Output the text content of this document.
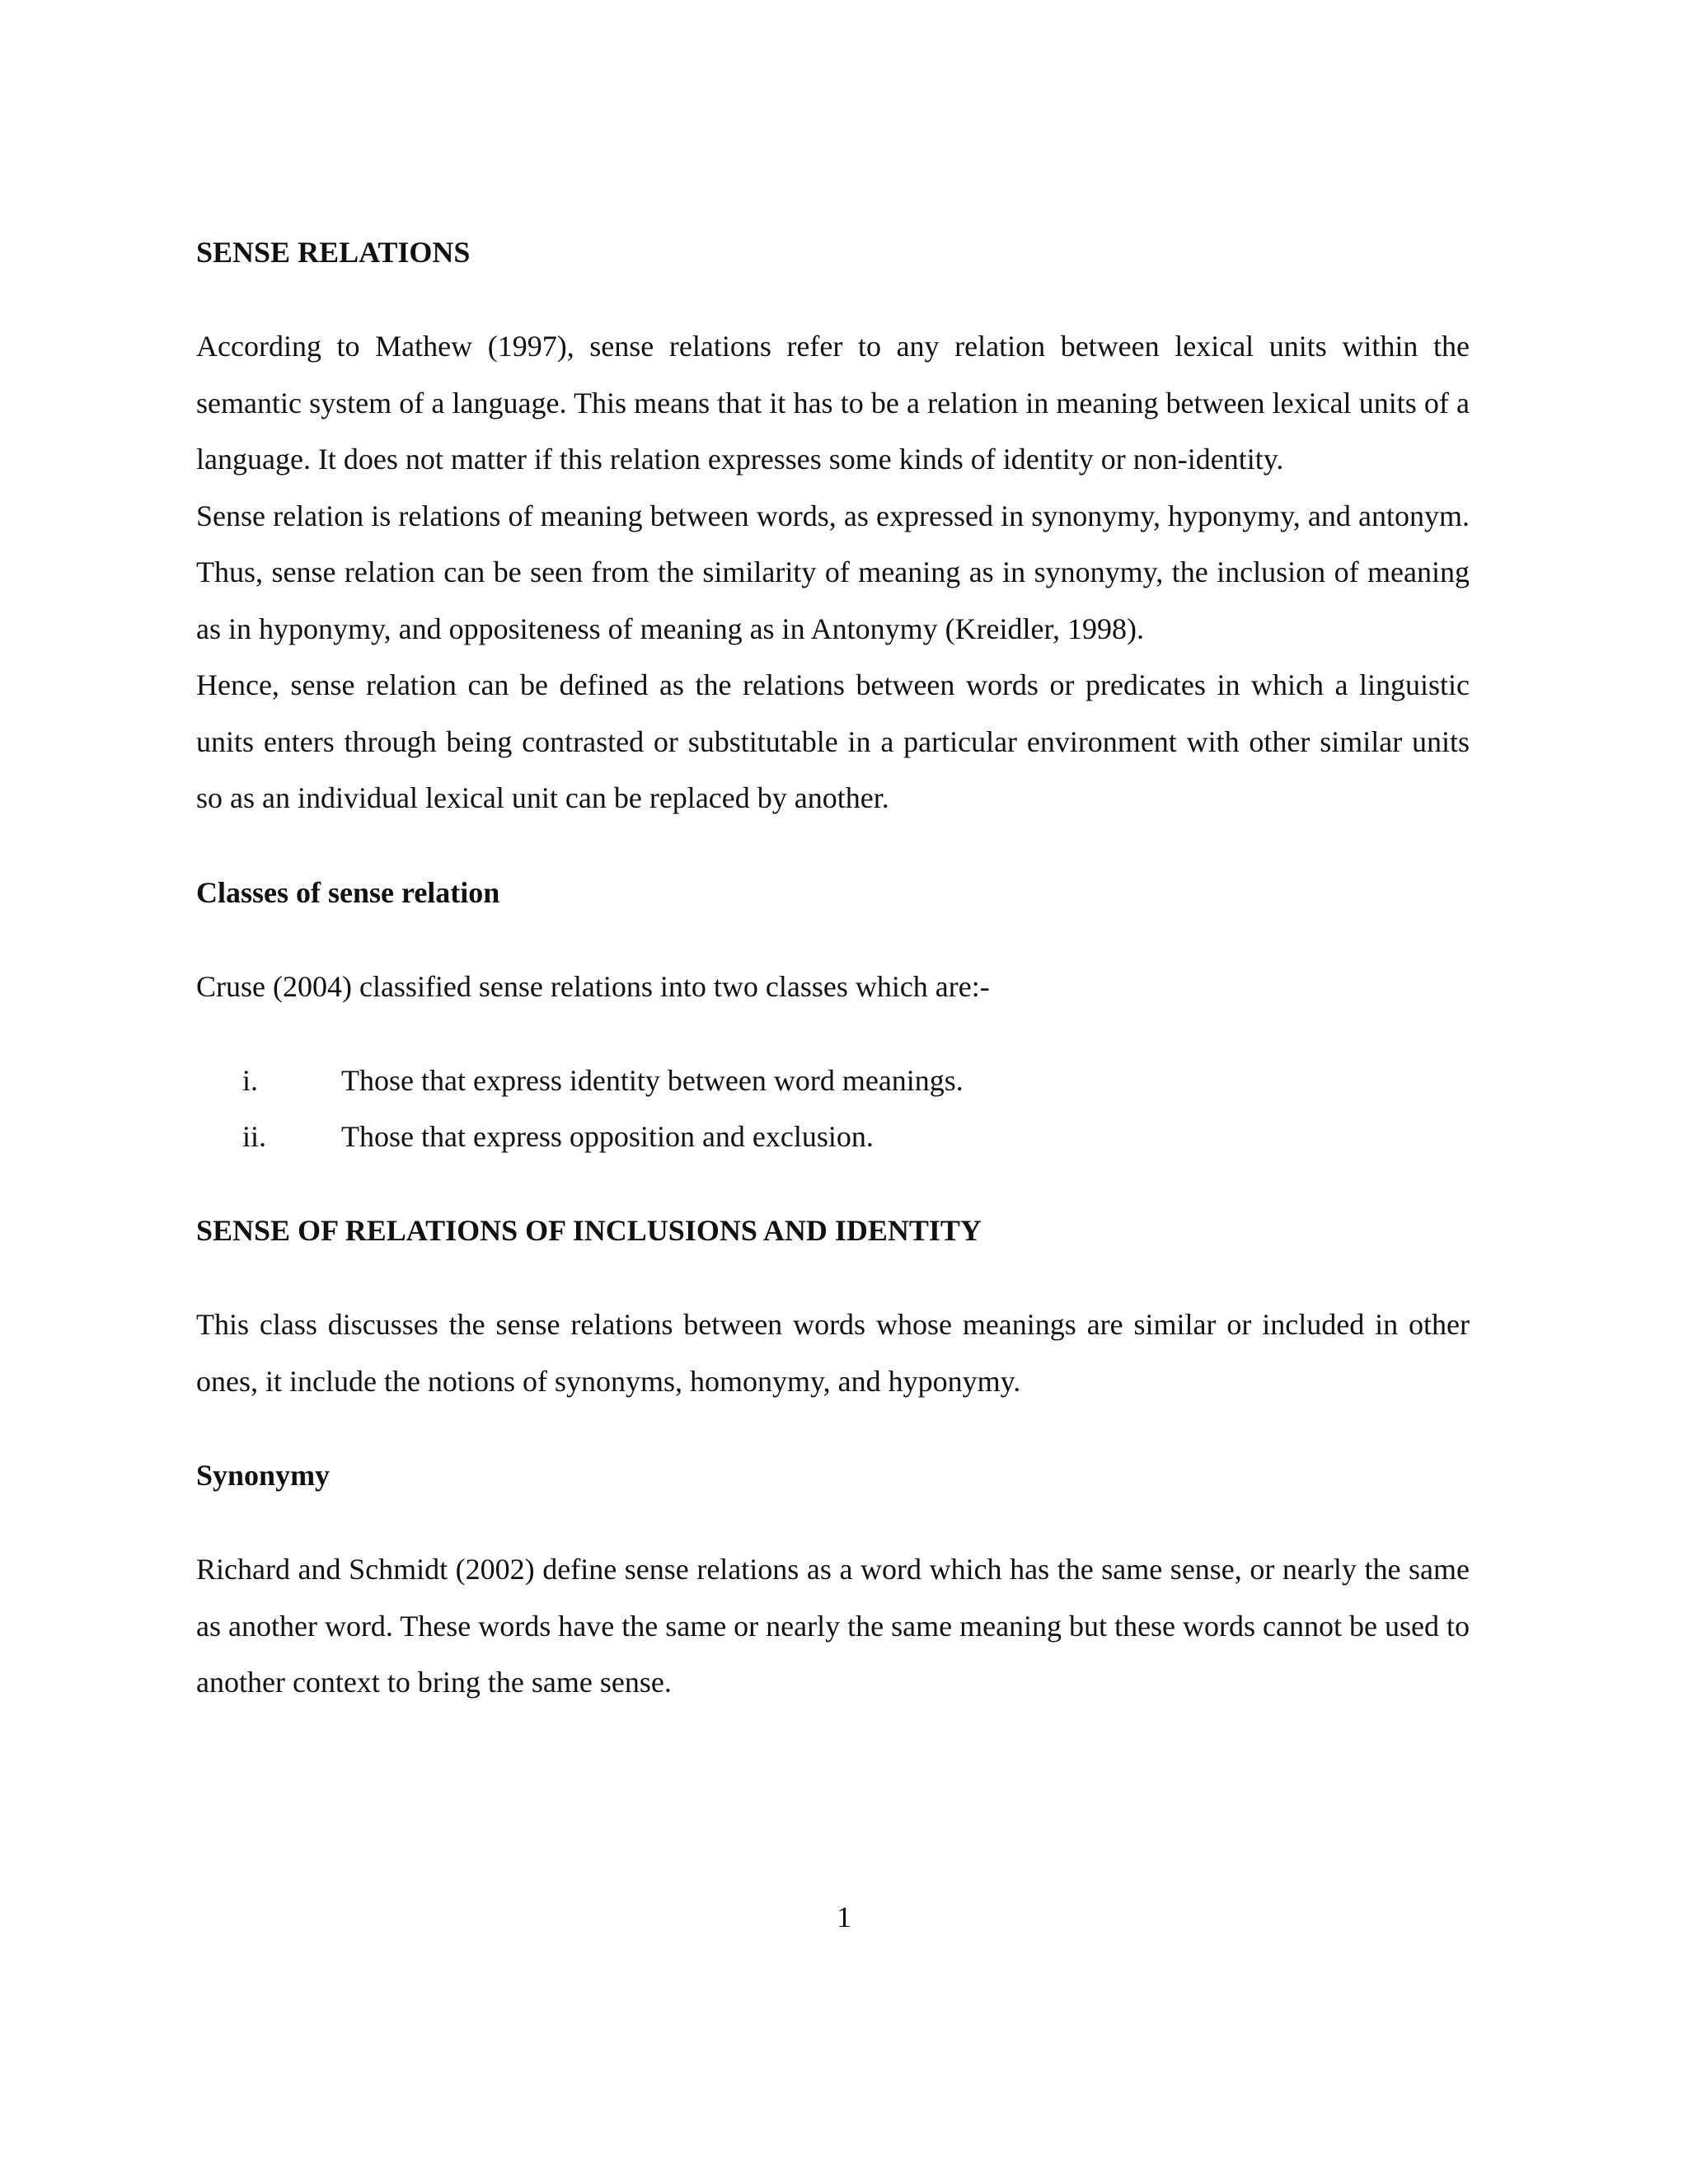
SENSE RELATIONS

According to Mathew (1997), sense relations refer to any relation between lexical units within the semantic system of a language. This means that it has to be a relation in meaning between lexical units of a language. It does not matter if this relation expresses some kinds of identity or non-identity.

Sense relation is relations of meaning between words, as expressed in synonymy, hyponymy, and antonym. Thus, sense relation can be seen from the similarity of meaning as in synonymy, the inclusion of meaning as in hyponymy, and oppositeness of meaning as in Antonymy (Kreidler, 1998).

Hence, sense relation can be defined as the relations between words or predicates in which a linguistic units enters through being contrasted or substitutable in a particular environment with other similar units so as an individual lexical unit can be replaced by another.

Classes of sense relation

Cruse (2004) classified sense relations into two classes which are:-

i.	Those that express identity between word meanings.
ii.	Those that express opposition and exclusion.
SENSE OF RELATIONS OF INCLUSIONS AND IDENTITY

This class discusses the sense relations between words whose meanings are similar or included in other ones, it include the notions of synonyms, homonymy, and hyponymy.

Synonymy

Richard and Schmidt (2002) define sense relations as a word which has the same sense, or nearly the same as another word. These words have the same or nearly the same meaning but these words cannot be used to another context to bring the same sense.

1
